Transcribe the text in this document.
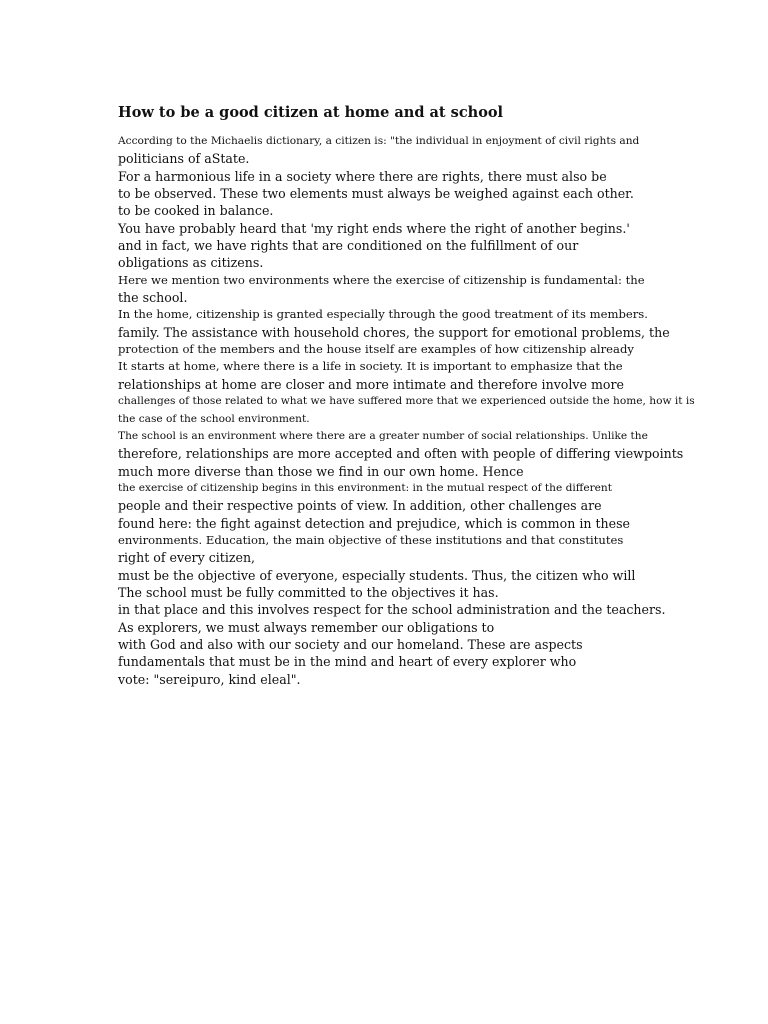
How to be a good citizen at home and at school
According to the Michaelis dictionary, a citizen is: "the individual in enjoyment of civil rights and
politicians of aState.
For a harmonious life in a society where there are rights, there must also be
to be observed. These two elements must always be weighed against each other.
to be cooked in balance.
You have probably heard that 'my right ends where the right of another begins.'
and in fact, we have rights that are conditioned on the fulfillment of our
obligations as citizens.
Here we mention two environments where the exercise of citizenship is fundamental: the
the school.
In the home, citizenship is granted especially through the good treatment of its members.
family. The assistance with household chores, the support for emotional problems, the
protection of the members and the house itself are examples of how citizenship already
It starts at home, where there is a life in society. It is important to emphasize that the
relationships at home are closer and more intimate and therefore involve more
challenges of those related to what we have suffered more that we experienced outside the home, how it is
the case of the school environment.
The school is an environment where there are a greater number of social relationships. Unlike the
therefore, relationships are more accepted and often with people of differing viewpoints
much more diverse than those we find in our own home. Hence
the exercise of citizenship begins in this environment: in the mutual respect of the different
people and their respective points of view. In addition, other challenges are
found here: the fight against detection and prejudice, which is common in these
environments. Education, the main objective of these institutions and that constitutes
right of every citizen,
must be the objective of everyone, especially students. Thus, the citizen who will
The school must be fully committed to the objectives it has.
in that place and this involves respect for the school administration and the teachers.
As explorers, we must always remember our obligations to
with God and also with our society and our homeland. These are aspects
fundamentals that must be in the mind and heart of every explorer who
vote: "sereipuro, kind eleal".
